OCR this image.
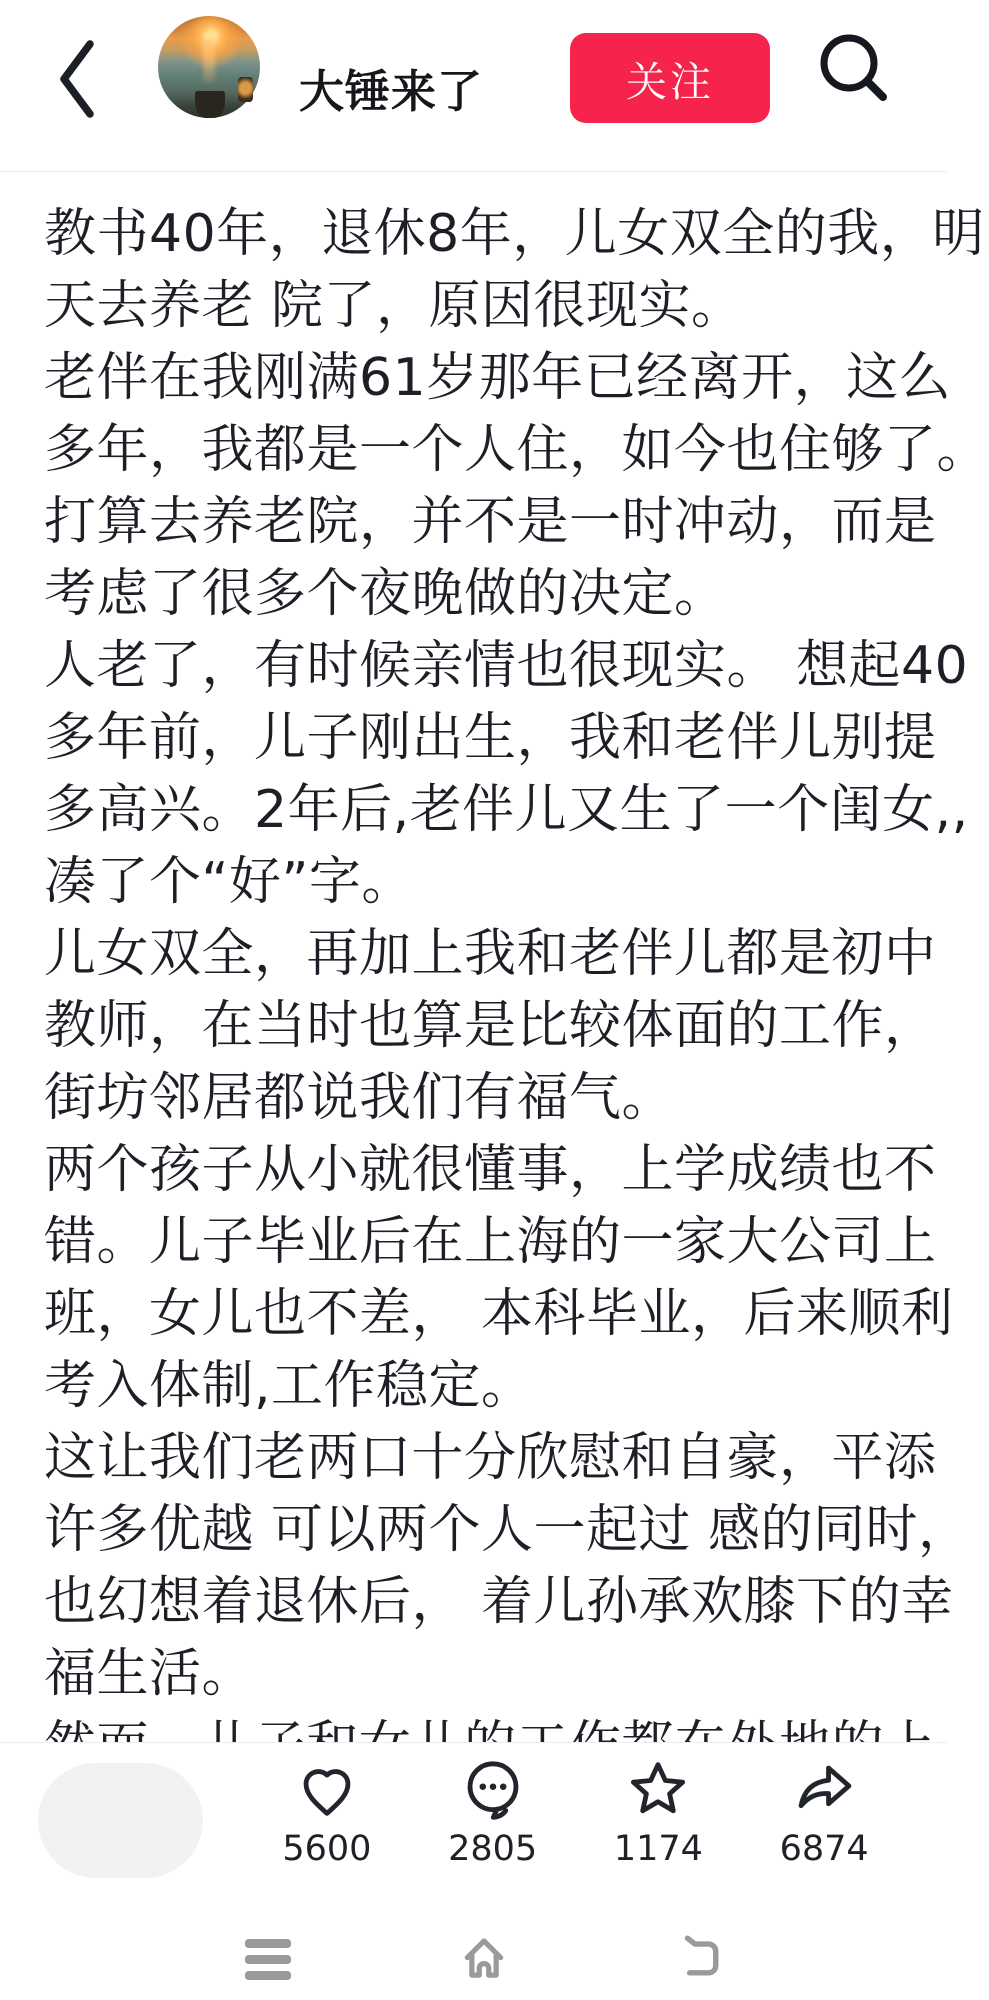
大锤来了	关注
教书40年，退休8年，儿女双全的我，明
天去养老 院了，原因很现实。
老伴在我刚满61岁那年已经离开，这么
多年，我都是一个人住，如今也住够了。
打算去养老院，并不是一时冲动，而是
考虑了很多个夜晚做的决定。
人老了，有时候亲情也很现实。 想起40
多年前，儿子刚出生，我和老伴儿别提
多高兴。2年后,老伴儿又生了一个闺女,,
凑了个“好”字。
儿女双全，再加上我和老伴儿都是初中
教师，在当时也算是比较体面的工作，
街坊邻居都说我们有福气。
两个孩子从小就很懂事，上学成绩也不
错。儿子毕业后在上海的一家大公司上
班，女儿也不差， 本科毕业，后来顺利
考入体制,工作稳定。
这让我们老两口十分欣慰和自豪，平添
许多优越 可以两个人一起过 感的同时，
也幻想着退休后， 着儿孙承欢膝下的幸
福生活。
5600 2805 1174 6874
